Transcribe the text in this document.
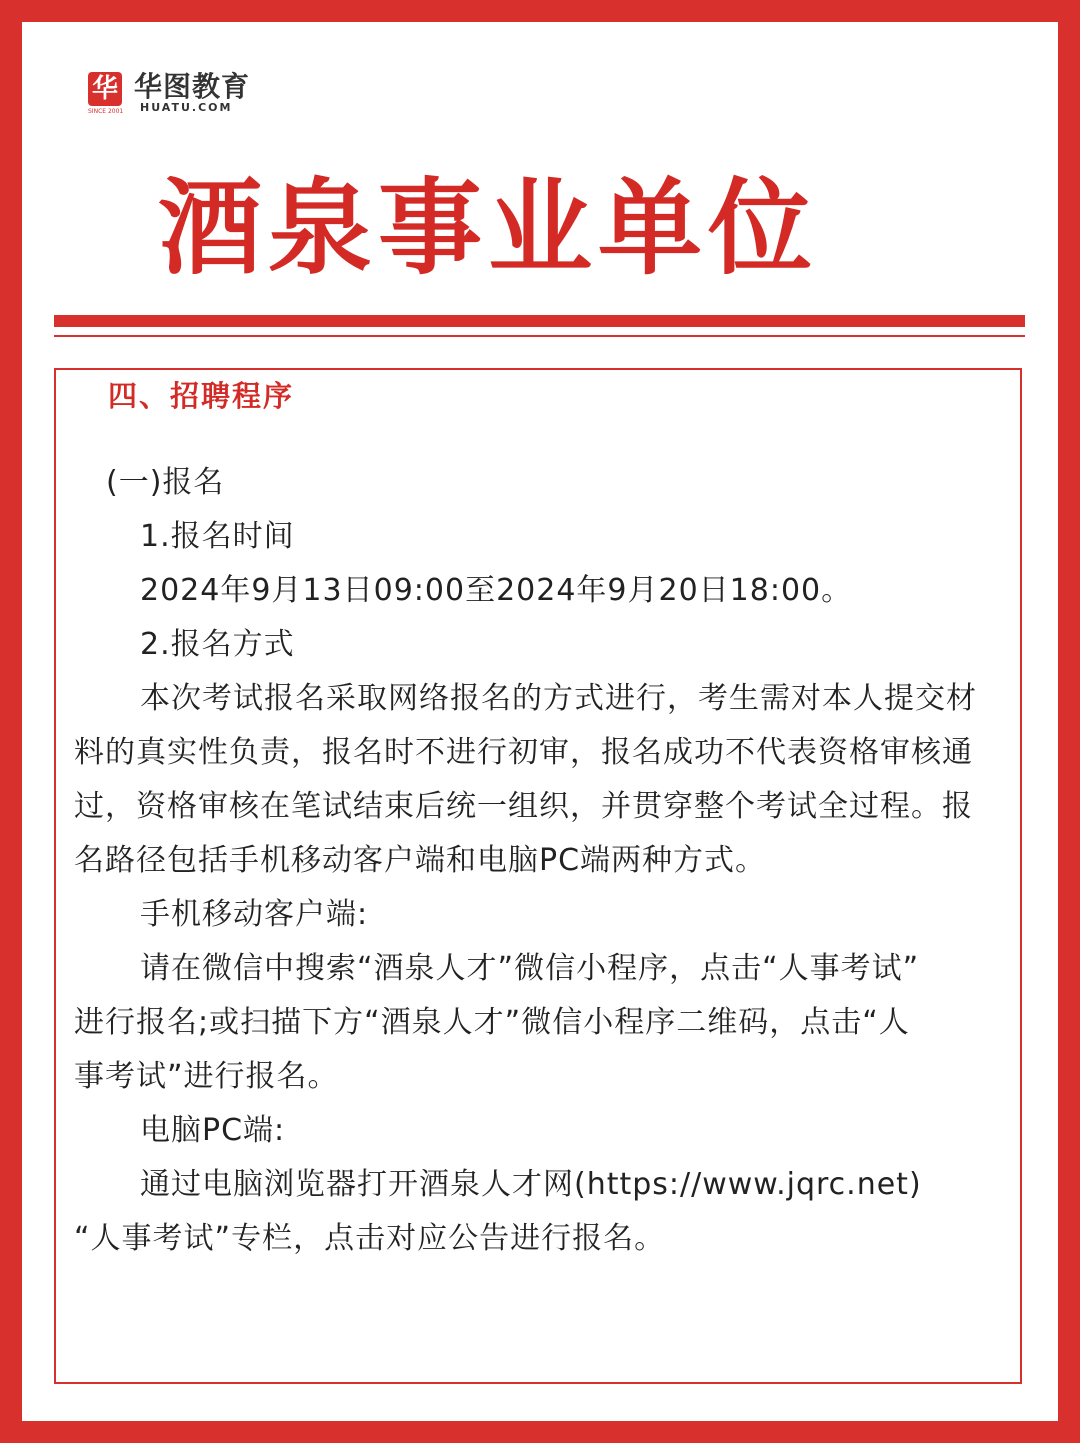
华
SINCE 2001
华图教育
HUATU.COM
酒泉事业单位
四、招聘程序
(一)报名
1.报名时间
2024年9月13日09:00至2024年9月20日18:00。
2.报名方式
本次考试报名采取网络报名的方式进行，考生需对本人提交材
料的真实性负责，报名时不进行初审，报名成功不代表资格审核通
过，资格审核在笔试结束后统一组织，并贯穿整个考试全过程。报
名路径包括手机移动客户端和电脑PC端两种方式。
手机移动客户端:
请在微信中搜索“酒泉人才”微信小程序，点击“人事考试”
进行报名;或扫描下方“酒泉人才”微信小程序二维码，点击“人
事考试”进行报名。
电脑PC端:
通过电脑浏览器打开酒泉人才网(https://www.jqrc.net)
“人事考试”专栏，点击对应公告进行报名。
